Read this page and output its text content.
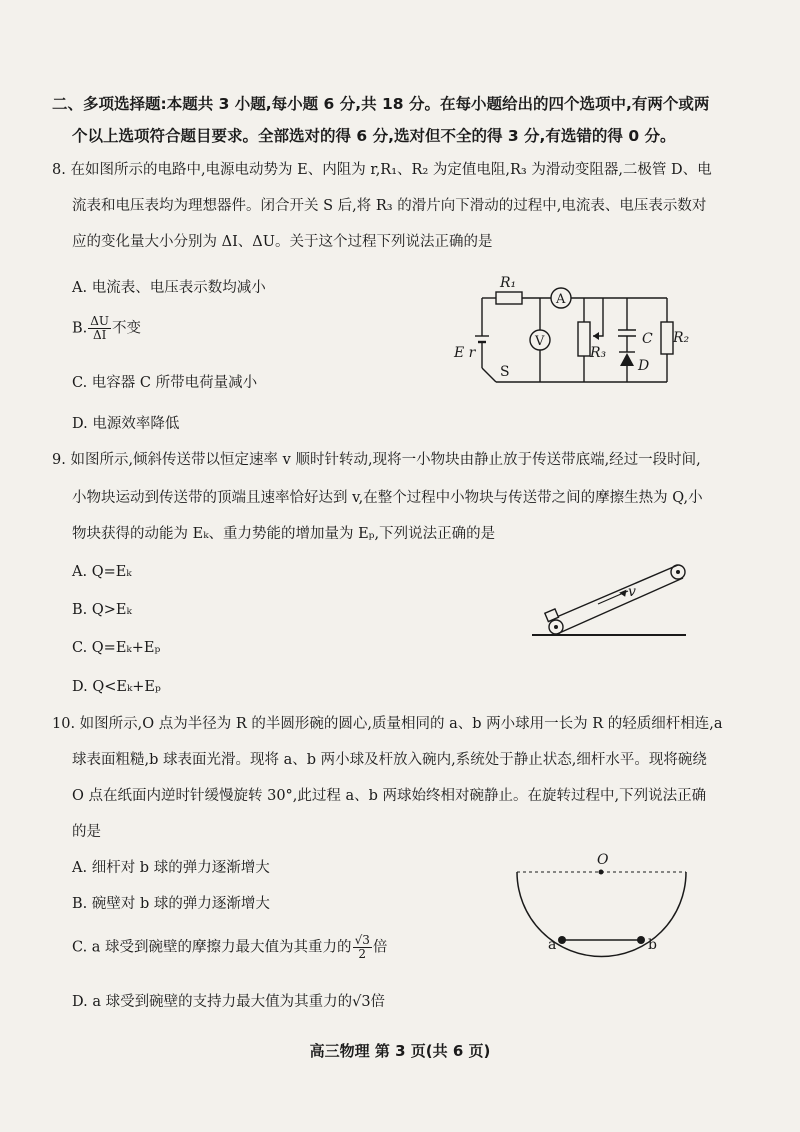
二、多项选择题:本题共 3 小题,每小题 6 分,共 18 分。在每小题给出的四个选项中,有两个或两
个以上选项符合题目要求。全部选对的得 6 分,选对但不全的得 3 分,有选错的得 0 分。
8. 在如图所示的电路中,电源电动势为 E、内阻为 r,R₁、R₂ 为定值电阻,R₃ 为滑动变阻器,二极管 D、电
流表和电压表均为理想器件。闭合开关 S 后,将 R₃ 的滑片向下滑动的过程中,电流表、电压表示数对
应的变化量大小分别为 ΔI、ΔU。关于这个过程下列说法正确的是
A. 电流表、电压表示数均减小
B. $\frac{\Delta U}{\Delta I}$ 不变
C. 电容器 C 所带电荷量减小
D. 电源效率降低
R₁
A
V
E r
S
R₃
C
D
R₂
9. 如图所示,倾斜传送带以恒定速率 v 顺时针转动,现将一小物块由静止放于传送带底端,经过一段时间,
小物块运动到传送带的顶端且速率恰好达到 v,在整个过程中小物块与传送带之间的摩擦生热为 Q,小
物块获得的动能为 Eₖ、重力势能的增加量为 Eₚ,下列说法正确的是
A. Q=Eₖ
B. Q>Eₖ
C. Q=Eₖ+Eₚ
D. Q<Eₖ+Eₚ
v
10. 如图所示,O 点为半径为 R 的半圆形碗的圆心,质量相同的 a、b 两小球用一长为 R 的轻质细杆相连,a
球表面粗糙,b 球表面光滑。现将 a、b 两小球及杆放入碗内,系统处于静止状态,细杆水平。现将碗绕
O 点在纸面内逆时针缓慢旋转 30°,此过程 a、b 两球始终相对碗静止。在旋转过程中,下列说法正确
的是
A. 细杆对 b 球的弹力逐渐增大
B. 碗壁对 b 球的弹力逐渐增大
C. a 球受到碗壁的摩擦力最大值为其重力的 $\frac{√3}{2}$ 倍
D. a 球受到碗壁的支持力最大值为其重力的√3倍
O
a	b
高三物理 第 3 页(共 6 页)
